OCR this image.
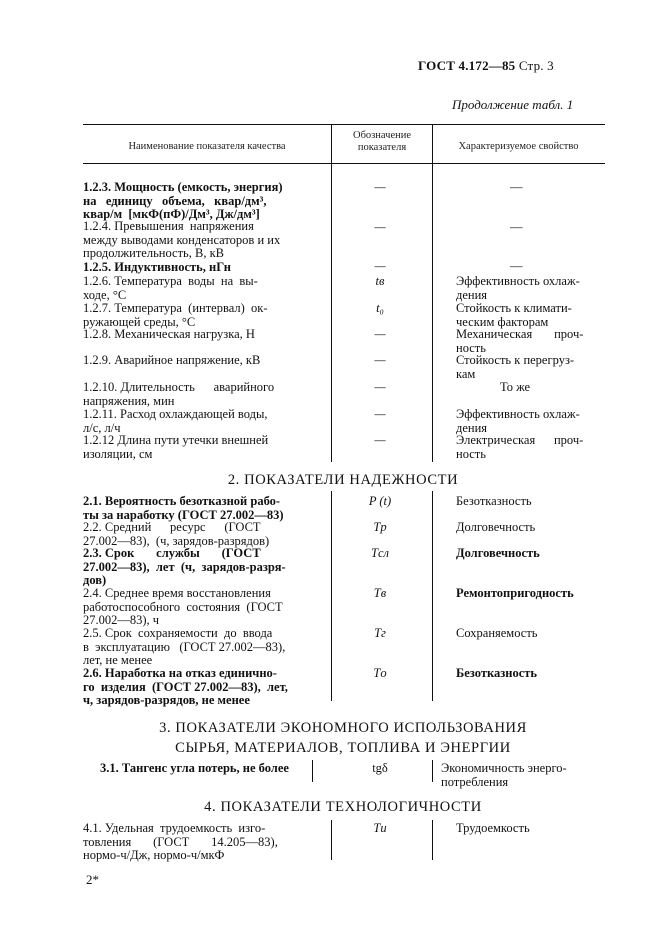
ГОСТ 4.172—85 Стр. 3
Продолжение табл. 1
Наименование показателя качества
Обозначение
показателя	Характеризуемое свойство
1.2.3. Мощность (емкость, энергия)
на   единицу   объема,   квар/дм³,
квар/м  [мкФ(пФ)/Дм³, Дж/дм³]
—	—
1.2.4. Превышения  напряжения
между выводами конденсаторов и их
продолжительность, В, кВ
—	—
1.2.5. Индуктивность, нГн	—	—
1.2.6. Температура  воды  на  вы-
ходе, °С
tв	Эффективность охлаж-
дения
1.2.7. Температура  (интервал)  ок-
ружающей среды, °С
t₀	Стойкость к климати-
ческим факторам
1.2.8. Механическая нагрузка, Н	—	Механическая       проч-
ность
1.2.9. Аварийное напряжение, кВ	—	Стойкость к перегруз-
кам
1.2.10. Длительность      аварийного
напряжения, мин
—	То же
1.2.11. Расход охлаждающей воды,
л/с, л/ч
—	Эффективность охлаж-
дения
1.2.12 Длина пути утечки внешней
изоляции, см
—	Электрическая      проч-
ность
2. ПОКАЗАТЕЛИ НАДЕЖНОСТИ
2.1. Вероятность безотказной рабо-
ты за наработку (ГОСТ 27.002—83)
P (t)	Безотказность
2.2. Средний      ресурс      (ГОСТ
27.002—83),  (ч, зарядов-разрядов)
Tр	Долговечность
2.3. Срок       службы       (ГОСТ
27.002—83),  лет  (ч,  зарядов-разря-
дов)
Tсл	Долговечность
2.4. Среднее время восстановления
работоспособного  состояния  (ГОСТ
27.002—83), ч
Tв	Ремонтопригодность
2.5. Срок  сохраняемости  до  ввода
в  эксплуатацию   (ГОСТ 27.002—83),
лет, не менее
Tг	Сохраняемость
2.6. Наработка на отказ единично-
го  изделия  (ГОСТ 27.002—83),  лет,
ч, зарядов-разрядов, не менее
Tо	Безотказность
3. ПОКАЗАТЕЛИ ЭКОНОМНОГО ИСПОЛЬЗОВАНИЯ
СЫРЬЯ, МАТЕРИАЛОВ, ТОПЛИВА И ЭНЕРГИИ
3.1. Тангенс угла потерь, не более	tgδ	Экономичность энерго-
потребления
4. ПОКАЗАТЕЛИ ТЕХНОЛОГИЧНОСТИ
4.1. Удельная  трудоемкость  изго-
товления       (ГОСТ       14.205—83),
нормо-ч/Дж, нормо-ч/мкФ
Tи	Трудоемкость
2*
